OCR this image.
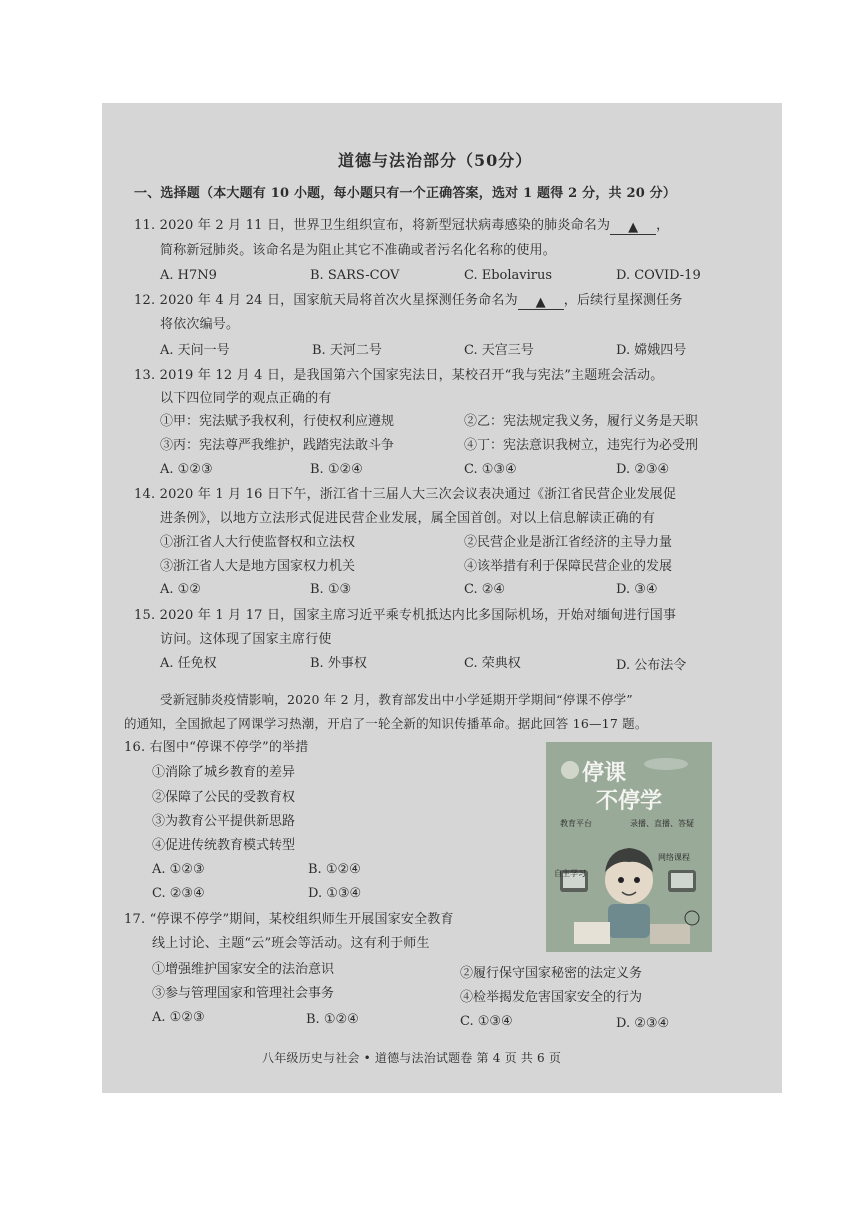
道德与法治部分（50分）
一、选择题（本大题有 10 小题，每小题只有一个正确答案，选对 1 题得 2 分，共 20 分）
11. 2020 年 2 月 11 日，世界卫生组织宣布，将新型冠状病毒感染的肺炎命名为 ▲ ，
简称新冠肺炎。该命名是为阻止其它不准确或者污名化名称的使用。
A. H7N9	B. SARS-COV	C. Ebolavirus	D. COVID-19
12. 2020 年 4 月 24 日，国家航天局将首次火星探测任务命名为 ▲ ，后续行星探测任务
将依次编号。
A. 天问一号	B. 天河二号	C. 天宫三号	D. 嫦娥四号
13. 2019 年 12 月 4 日，是我国第六个国家宪法日，某校召开“我与宪法”主题班会活动。
以下四位同学的观点正确的有
①甲：宪法赋予我权利，行使权利应遵规	②乙：宪法规定我义务，履行义务是天职
③丙：宪法尊严我维护，践踏宪法敢斗争	④丁：宪法意识我树立，违宪行为必受刑
A. ①②③	B. ①②④	C. ①③④	D. ②③④
14. 2020 年 1 月 16 日下午，浙江省十三届人大三次会议表决通过《浙江省民营企业发展促
进条例》，以地方立法形式促进民营企业发展，属全国首创。对以上信息解读正确的有
①浙江省人大行使监督权和立法权	②民营企业是浙江省经济的主导力量
③浙江省人大是地方国家权力机关	④该举措有利于保障民营企业的发展
A. ①②	B. ①③	C. ②④	D. ③④
15. 2020 年 1 月 17 日，国家主席习近平乘专机抵达内比多国际机场，开始对缅甸进行国事
访问。这体现了国家主席行使
A. 任免权	B. 外事权	C. 荣典权	D. 公布法令
受新冠肺炎疫情影响，2020 年 2 月，教育部发出中小学延期开学期间“停课不停学”
的通知，全国掀起了网课学习热潮，开启了一轮全新的知识传播革命。据此回答 16—17 题。
16. 右图中“停课不停学”的举措
①消除了城乡教育的差异
②保障了公民的受教育权
③为教育公平提供新思路
④促进传统教育模式转型
A. ①②③	B. ①②④
C. ②③④	D. ①③④
停课
不停学
教育平台	录播、直播、答疑
网络课程
自主学习
17. “停课不停学”期间，某校组织师生开展国家安全教育
线上讨论、主题“云”班会等活动。这有利于师生
①增强维护国家安全的法治意识	②履行保守国家秘密的法定义务
③参与管理国家和管理社会事务	④检举揭发危害国家安全的行为
A. ①②③	B. ①②④	C. ①③④	D. ②③④
八年级历史与社会 • 道德与法治试题卷 第 4 页 共 6 页
